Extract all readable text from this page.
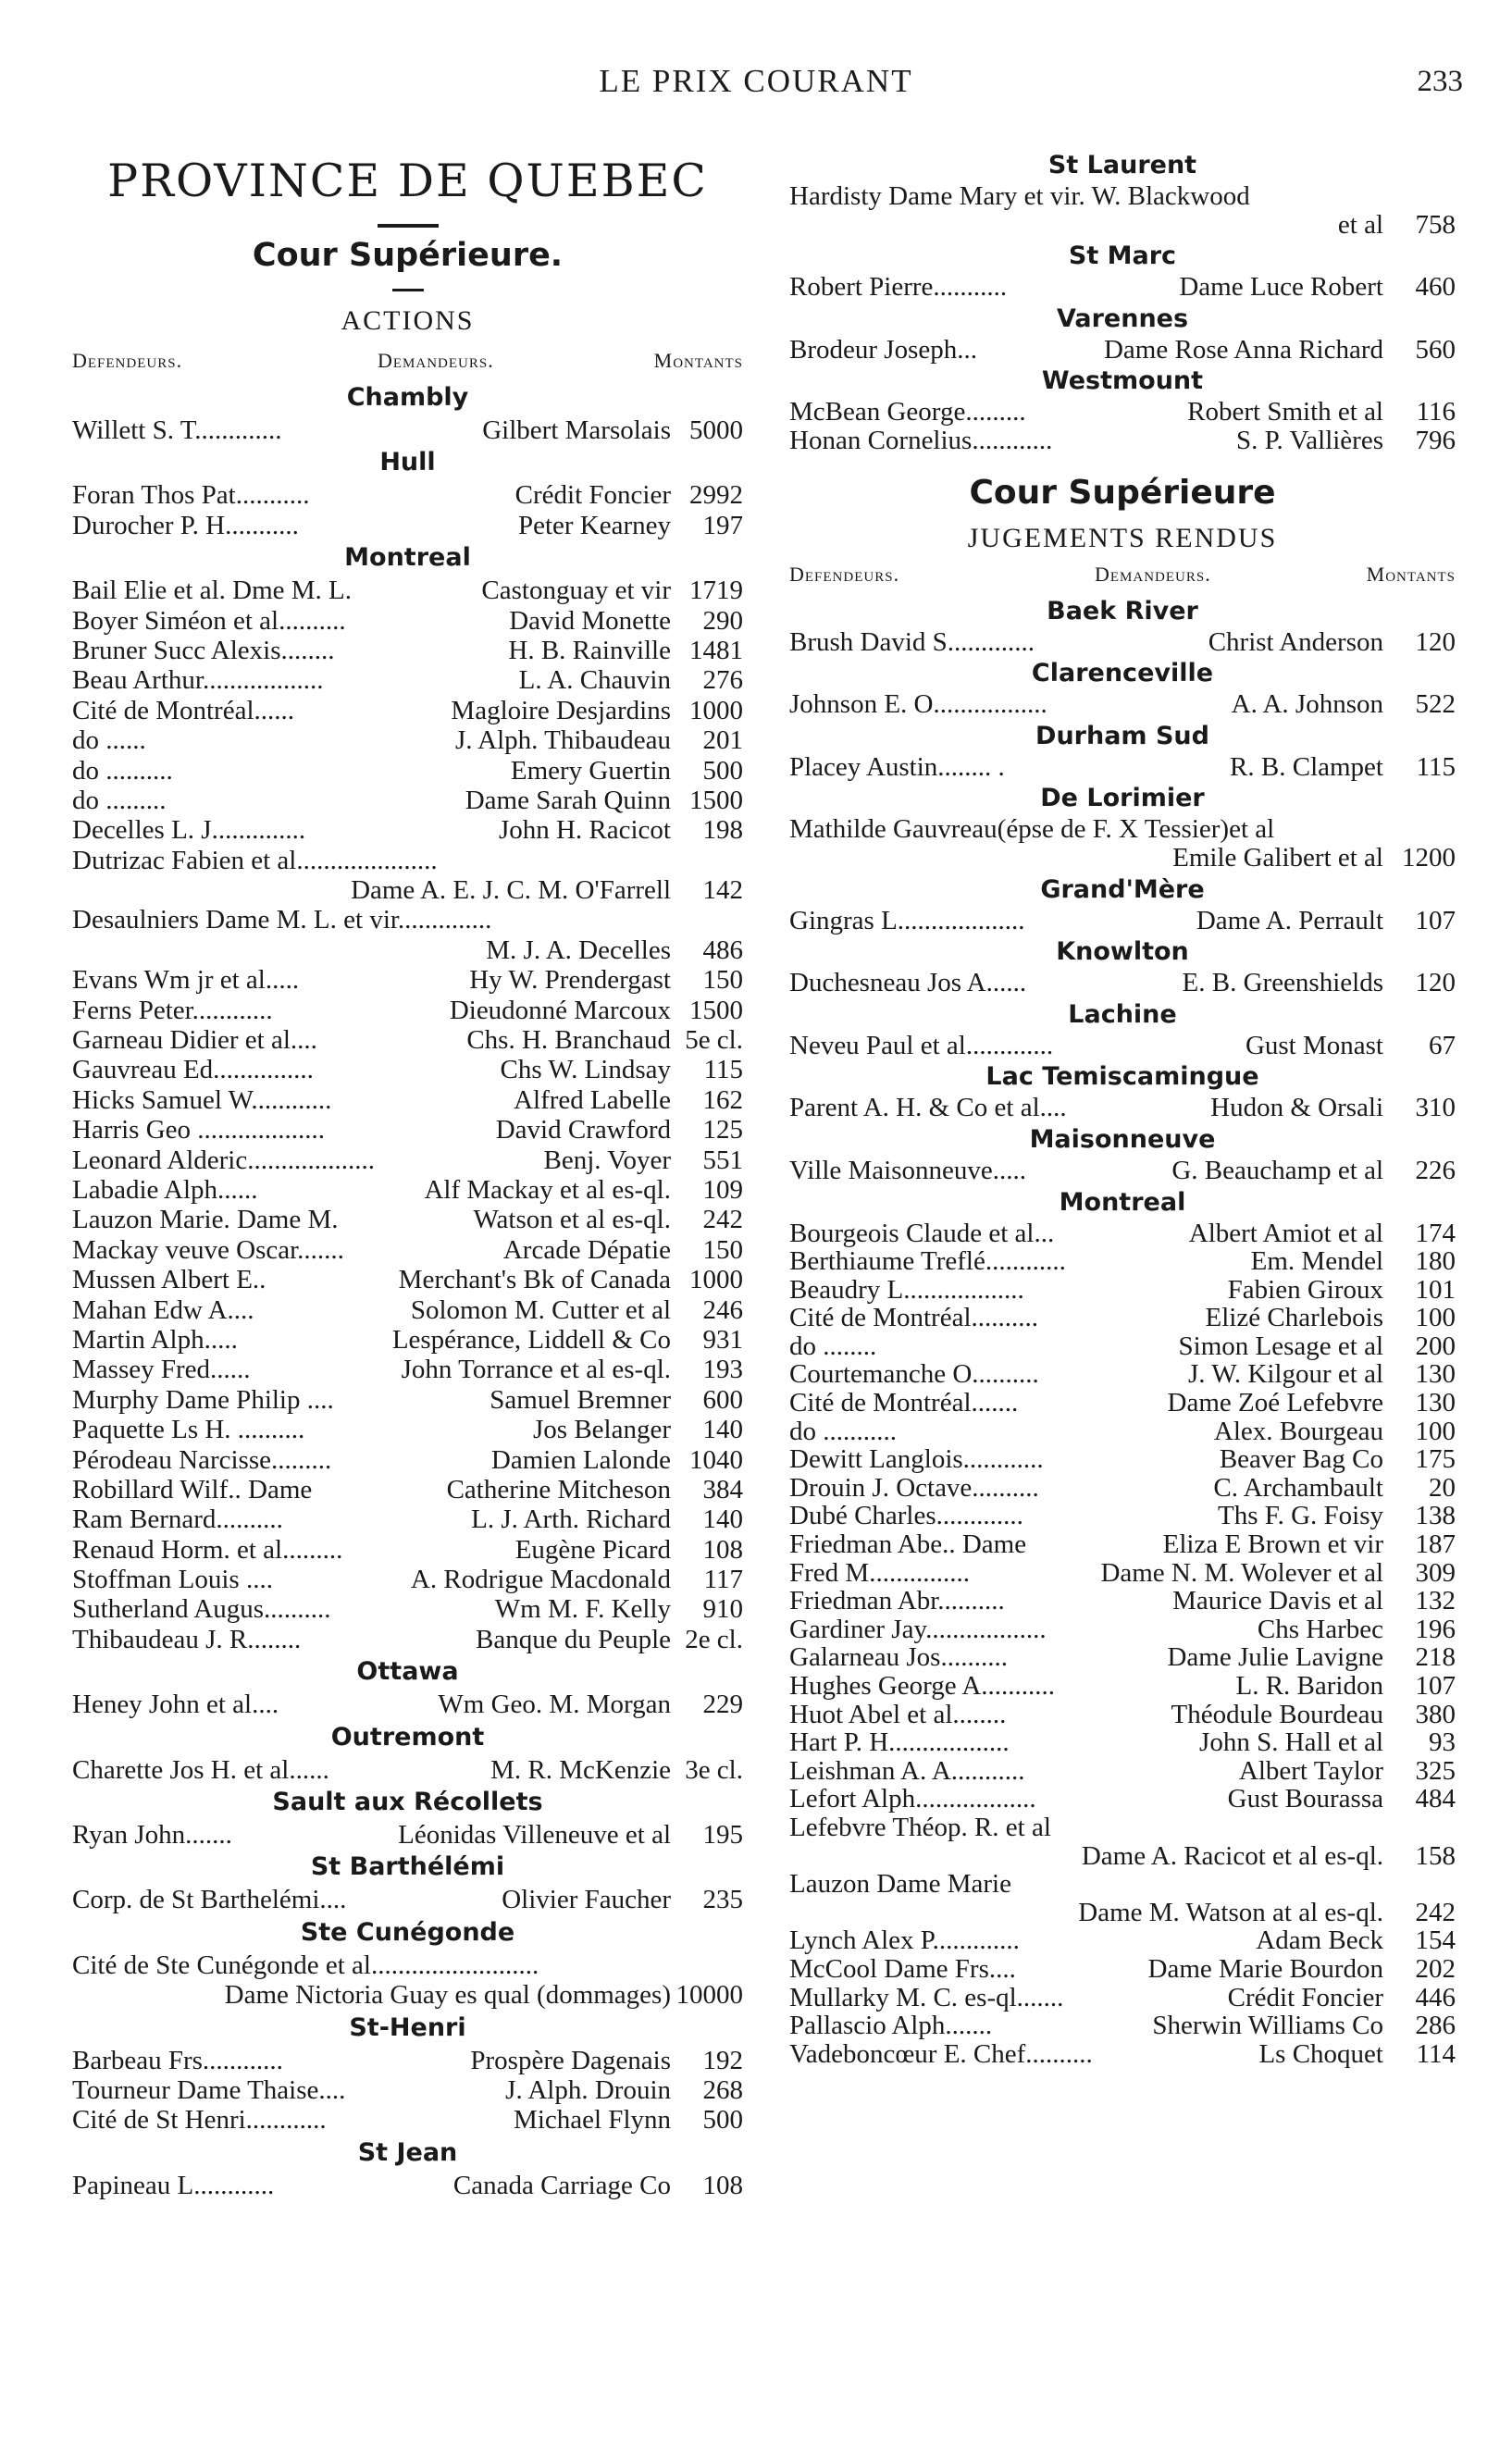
LE PRIX COURANT	233
PROVINCE DE QUEBEC
Cour Supérieure.
ACTIONS
Defendeurs.	Demandeurs.	Montants
Chambly
Willett S. T.............	Gilbert Marsolais 5000
Hull
Foran Thos Pat...........	Crédit Foncier 2992
Durocher P. H...........	Peter Kearney 197
Montreal
Bail Elie et al. Dme M. L.	Castonguay et vir 1719
Boyer Siméon et al..........	David Monette 290
Bruner Succ Alexis........	H. B. Rainville 1481
Beau Arthur..................	L. A. Chauvin 276
Cité de Montréal......	Magloire Desjardins 1000
do ......	J. Alph. Thibaudeau 201
do ..........	Emery Guertin 500
do .........	Dame Sarah Quinn 1500
Decelles L. J..............	John H. Racicot 198
Dutrizac Fabien et al.....................
Dame A. E. J. C. M. O'Farrell 142
Desaulniers Dame M. L. et vir..............
M. J. A. Decelles 486
Evans Wm jr et al.....	Hy W. Prendergast 150
Ferns Peter............	Dieudonné Marcoux 1500
Garneau Didier et al....	Chs. H. Branchaud 5e cl.
Gauvreau Ed...............	Chs W. Lindsay 115
Hicks Samuel W............	Alfred Labelle 162
Harris Geo ...................	David Crawford 125
Leonard Alderic...................	Benj. Voyer 551
Labadie Alph......	Alf Mackay et al es-ql. 109
Lauzon Marie. Dame M.	Watson et al es-ql. 242
Mackay veuve Oscar.......	Arcade Dépatie 150
Mussen Albert E..	Merchant's Bk of Canada 1000
Mahan Edw A....	Solomon M. Cutter et al 246
Martin Alph.....	Lespérance, Liddell & Co 931
Massey Fred......	John Torrance et al es-ql. 193
Murphy Dame Philip ....	Samuel Bremner 600
Paquette Ls H. ..........	Jos Belanger 140
Pérodeau Narcisse.........	Damien Lalonde 1040
Robillard Wilf.. Dame	Catherine Mitcheson 384
Ram Bernard..........	L. J. Arth. Richard 140
Renaud Horm. et al.........	Eugène Picard 108
Stoffman Louis ....	A. Rodrigue Macdonald 117
Sutherland Augus..........	Wm M. F. Kelly 910
Thibaudeau J. R........	Banque du Peuple 2e cl.
Ottawa
Heney John et al....	Wm Geo. M. Morgan 229
Outremont
Charette Jos H. et al......	M. R. McKenzie 3e cl.
Sault aux Récollets
Ryan John.......	Léonidas Villeneuve et al 195
St Barthélémi
Corp. de St Barthelémi....	Olivier Faucher 235
Ste Cunégonde
Cité de Ste Cunégonde et al.........................
Dame Nictoria Guay es qual (dommages) 10000
St-Henri
Barbeau Frs............	Prospère Dagenais 192
Tourneur Dame Thaise....	J. Alph. Drouin 268
Cité de St Henri............	Michael Flynn 500
St Jean
Papineau L............	Canada Carriage Co 108
St Laurent
Hardisty Dame Mary et vir. W. Blackwood
et al 758
St Marc
Robert Pierre...........	Dame Luce Robert 460
Varennes
Brodeur Joseph...	Dame Rose Anna Richard 560
Westmount
McBean George.........	Robert Smith et al 116
Honan Cornelius............	S. P. Vallières 796
Cour Supérieure
JUGEMENTS RENDUS
Defendeurs.	Demandeurs.	Montants
Baek River
Brush David S.............	Christ Anderson 120
Clarenceville
Johnson E. O.................	A. A. Johnson 522
Durham Sud
Placey Austin........ .	R. B. Clampet 115
De Lorimier
Mathilde Gauvreau(épse de F. X Tessier)et al
Emile Galibert et al 1200
Grand'Mère
Gingras L...................	Dame A. Perrault 107
Knowlton
Duchesneau Jos A......	E. B. Greenshields 120
Lachine
Neveu Paul et al.............	Gust Monast 67
Lac Temiscamingue
Parent A. H. & Co et al....	Hudon & Orsali 310
Maisonneuve
Ville Maisonneuve.....	G. Beauchamp et al 226
Montreal
Bourgeois Claude et al...	Albert Amiot et al 174
Berthiaume Treflé............	Em. Mendel 180
Beaudry L..................	Fabien Giroux 101
Cité de Montréal..........	Elizé Charlebois 100
do ........	Simon Lesage et al 200
Courtemanche O..........	J. W. Kilgour et al 130
Cité de Montréal.......	Dame Zoé Lefebvre 130
do ...........	Alex. Bourgeau 100
Dewitt Langlois............	Beaver Bag Co 175
Drouin J. Octave..........	C. Archambault 20
Dubé Charles.............	Ths F. G. Foisy 138
Friedman Abe.. Dame	Eliza E Brown et vir 187
Fred M...............	Dame N. M. Wolever et al 309
Friedman Abr..........	Maurice Davis et al 132
Gardiner Jay..................	Chs Harbec 196
Galarneau Jos..........	Dame Julie Lavigne 218
Hughes George A...........	L. R. Baridon 107
Huot Abel et al........	Théodule Bourdeau 380
Hart P. H..................	John S. Hall et al 93
Leishman A. A...........	Albert Taylor 325
Lefort Alph..................	Gust Bourassa 484
Lefebvre Théop. R. et al
Dame A. Racicot et al es-ql. 158
Lauzon Dame Marie
Dame M. Watson at al es-ql. 242
Lynch Alex P.............	Adam Beck 154
McCool Dame Frs....	Dame Marie Bourdon 202
Mullarky M. C. es-ql.......	Crédit Foncier 446
Pallascio Alph.......	Sherwin Williams Co 286
Vadeboncœur E. Chef..........	Ls Choquet 114
